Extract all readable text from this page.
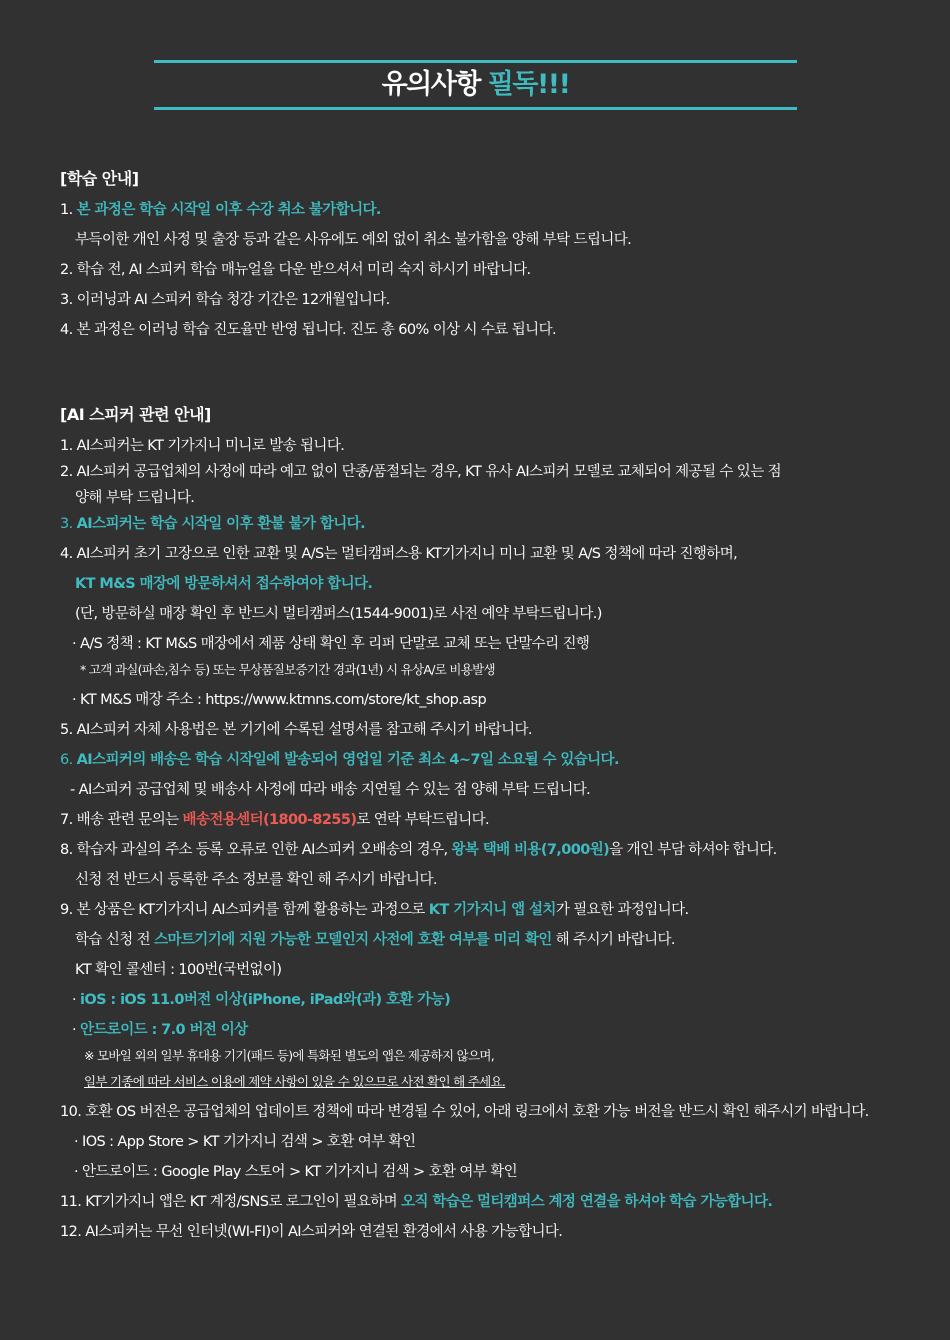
유의사항 필독!!!
[학습 안내]
1. 본 과정은 학습 시작일 이후 수강 취소 불가합니다.
부득이한 개인 사정 및 출장 등과 같은 사유에도 예외 없이 취소 불가함을 양해 부탁 드립니다.
2. 학습 전, AI 스피커 학습 매뉴얼을 다운 받으셔서 미리 숙지 하시기 바랍니다.
3. 이러닝과 AI 스피커 학습 청강 기간은 12개월입니다.
4. 본 과정은 이러닝 학습 진도율만 반영 됩니다. 진도 총 60% 이상 시 수료 됩니다.
[AI 스피커 관련 안내]
1. AI스피커는 KT 기가지니 미니로 발송 됩니다.
2. AI스피커 공급업체의 사정에 따라 예고 없이 단종/품절되는 경우, KT 유사 AI스피커 모델로 교체되어 제공될 수 있는 점
양해 부탁 드립니다.
3. AI스피커는 학습 시작일 이후 환불 불가 합니다.
4. AI스피커 초기 고장으로 인한 교환 및 A/S는 멀티캠퍼스용 KT기가지니 미니 교환 및 A/S 정책에 따라 진행하며,
KT M&S 매장에 방문하셔서 접수하여야 합니다.
(단, 방문하실 매장 확인 후 반드시 멀티캠퍼스(1544-9001)로 사전 예약 부탁드립니다.)
· A/S 정책 : KT M&S 매장에서 제품 상태 확인 후 리퍼 단말로 교체 또는 단말수리 진행
* 고객 과실(파손,침수 등) 또는 무상품질보증기간 경과(1년) 시 유상A/로 비용발생
· KT M&S 매장 주소 : https://www.ktmns.com/store/kt_shop.asp
5. AI스피커 자체 사용법은 본 기기에 수록된 설명서를 참고해 주시기 바랍니다.
6. AI스피커의 배송은 학습 시작일에 발송되어 영업일 기준 최소 4~7일 소요될 수 있습니다.
- AI스피커 공급업체 및 배송사 사정에 따라 배송 지연될 수 있는 점 양해 부탁 드립니다.
7. 배송 관련 문의는 배송전용센터(1800-8255)로 연락 부탁드립니다.
8. 학습자 과실의 주소 등록 오류로 인한 AI스피커 오배송의 경우, 왕복 택배 비용(7,000원)을 개인 부담 하셔야 합니다.
신청 전 반드시 등록한 주소 정보를 확인 해 주시기 바랍니다.
9. 본 상품은 KT기가지니 AI스피커를 함께 활용하는 과정으로 KT 기가지니 앱 설치가 필요한 과정입니다.
학습 신청 전 스마트기기에 지원 가능한 모델인지 사전에 호환 여부를 미리 확인 해 주시기 바랍니다.
KT 확인 콜센터 : 100번(국번없이)
· iOS : iOS 11.0버전 이상(iPhone, iPad와(과) 호환 가능)
· 안드로이드 : 7.0 버전 이상
※ 모바일 외의 일부 휴대용 기기(패드 등)에 특화된 별도의 앱은 제공하지 않으며,
일부 기종에 따라 서비스 이용에 제약 사항이 있을 수 있으므로 사전 확인 해 주세요.
10. 호환 OS 버전은 공급업체의 업데이트 정책에 따라 변경될 수 있어, 아래 링크에서 호환 가능 버전을 반드시 확인 해주시기 바랍니다.
· IOS : App Store > KT 기가지니 검색 > 호환 여부 확인
· 안드로이드 : Google Play 스토어 > KT 기가지니 검색 > 호환 여부 확인
11. KT기가지니 앱은 KT 계정/SNS로 로그인이 필요하며 오직 학습은 멀티캠퍼스 계정 연결을 하셔야 학습 가능합니다.
12. AI스피커는 무선 인터넷(WI-FI)이 AI스피커와 연결된 환경에서 사용 가능합니다.
